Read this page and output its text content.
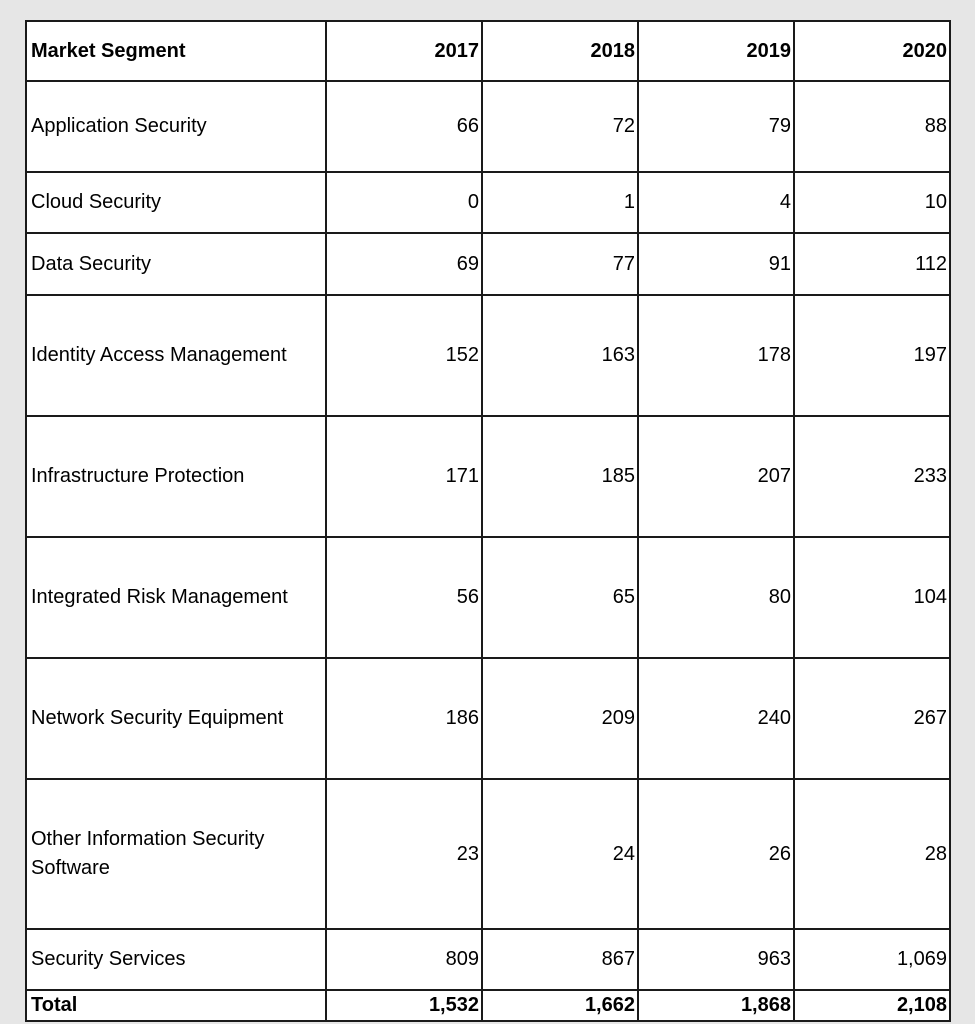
Market Segment	2017	2018	2019	2020
Application Security	66	72	79	88
Cloud Security	0	1	4	10
Data Security	69	77	91	112
Identity Access Management	152	163	178	197
Infrastructure Protection	171	185	207	233
Integrated Risk Management	56	65	80	104
Network Security Equipment	186	209	240	267
Other Information Security Software	23	24	26	28
Security Services	809	867	963	1,069
Total	1,532	1,662	1,868	2,108
